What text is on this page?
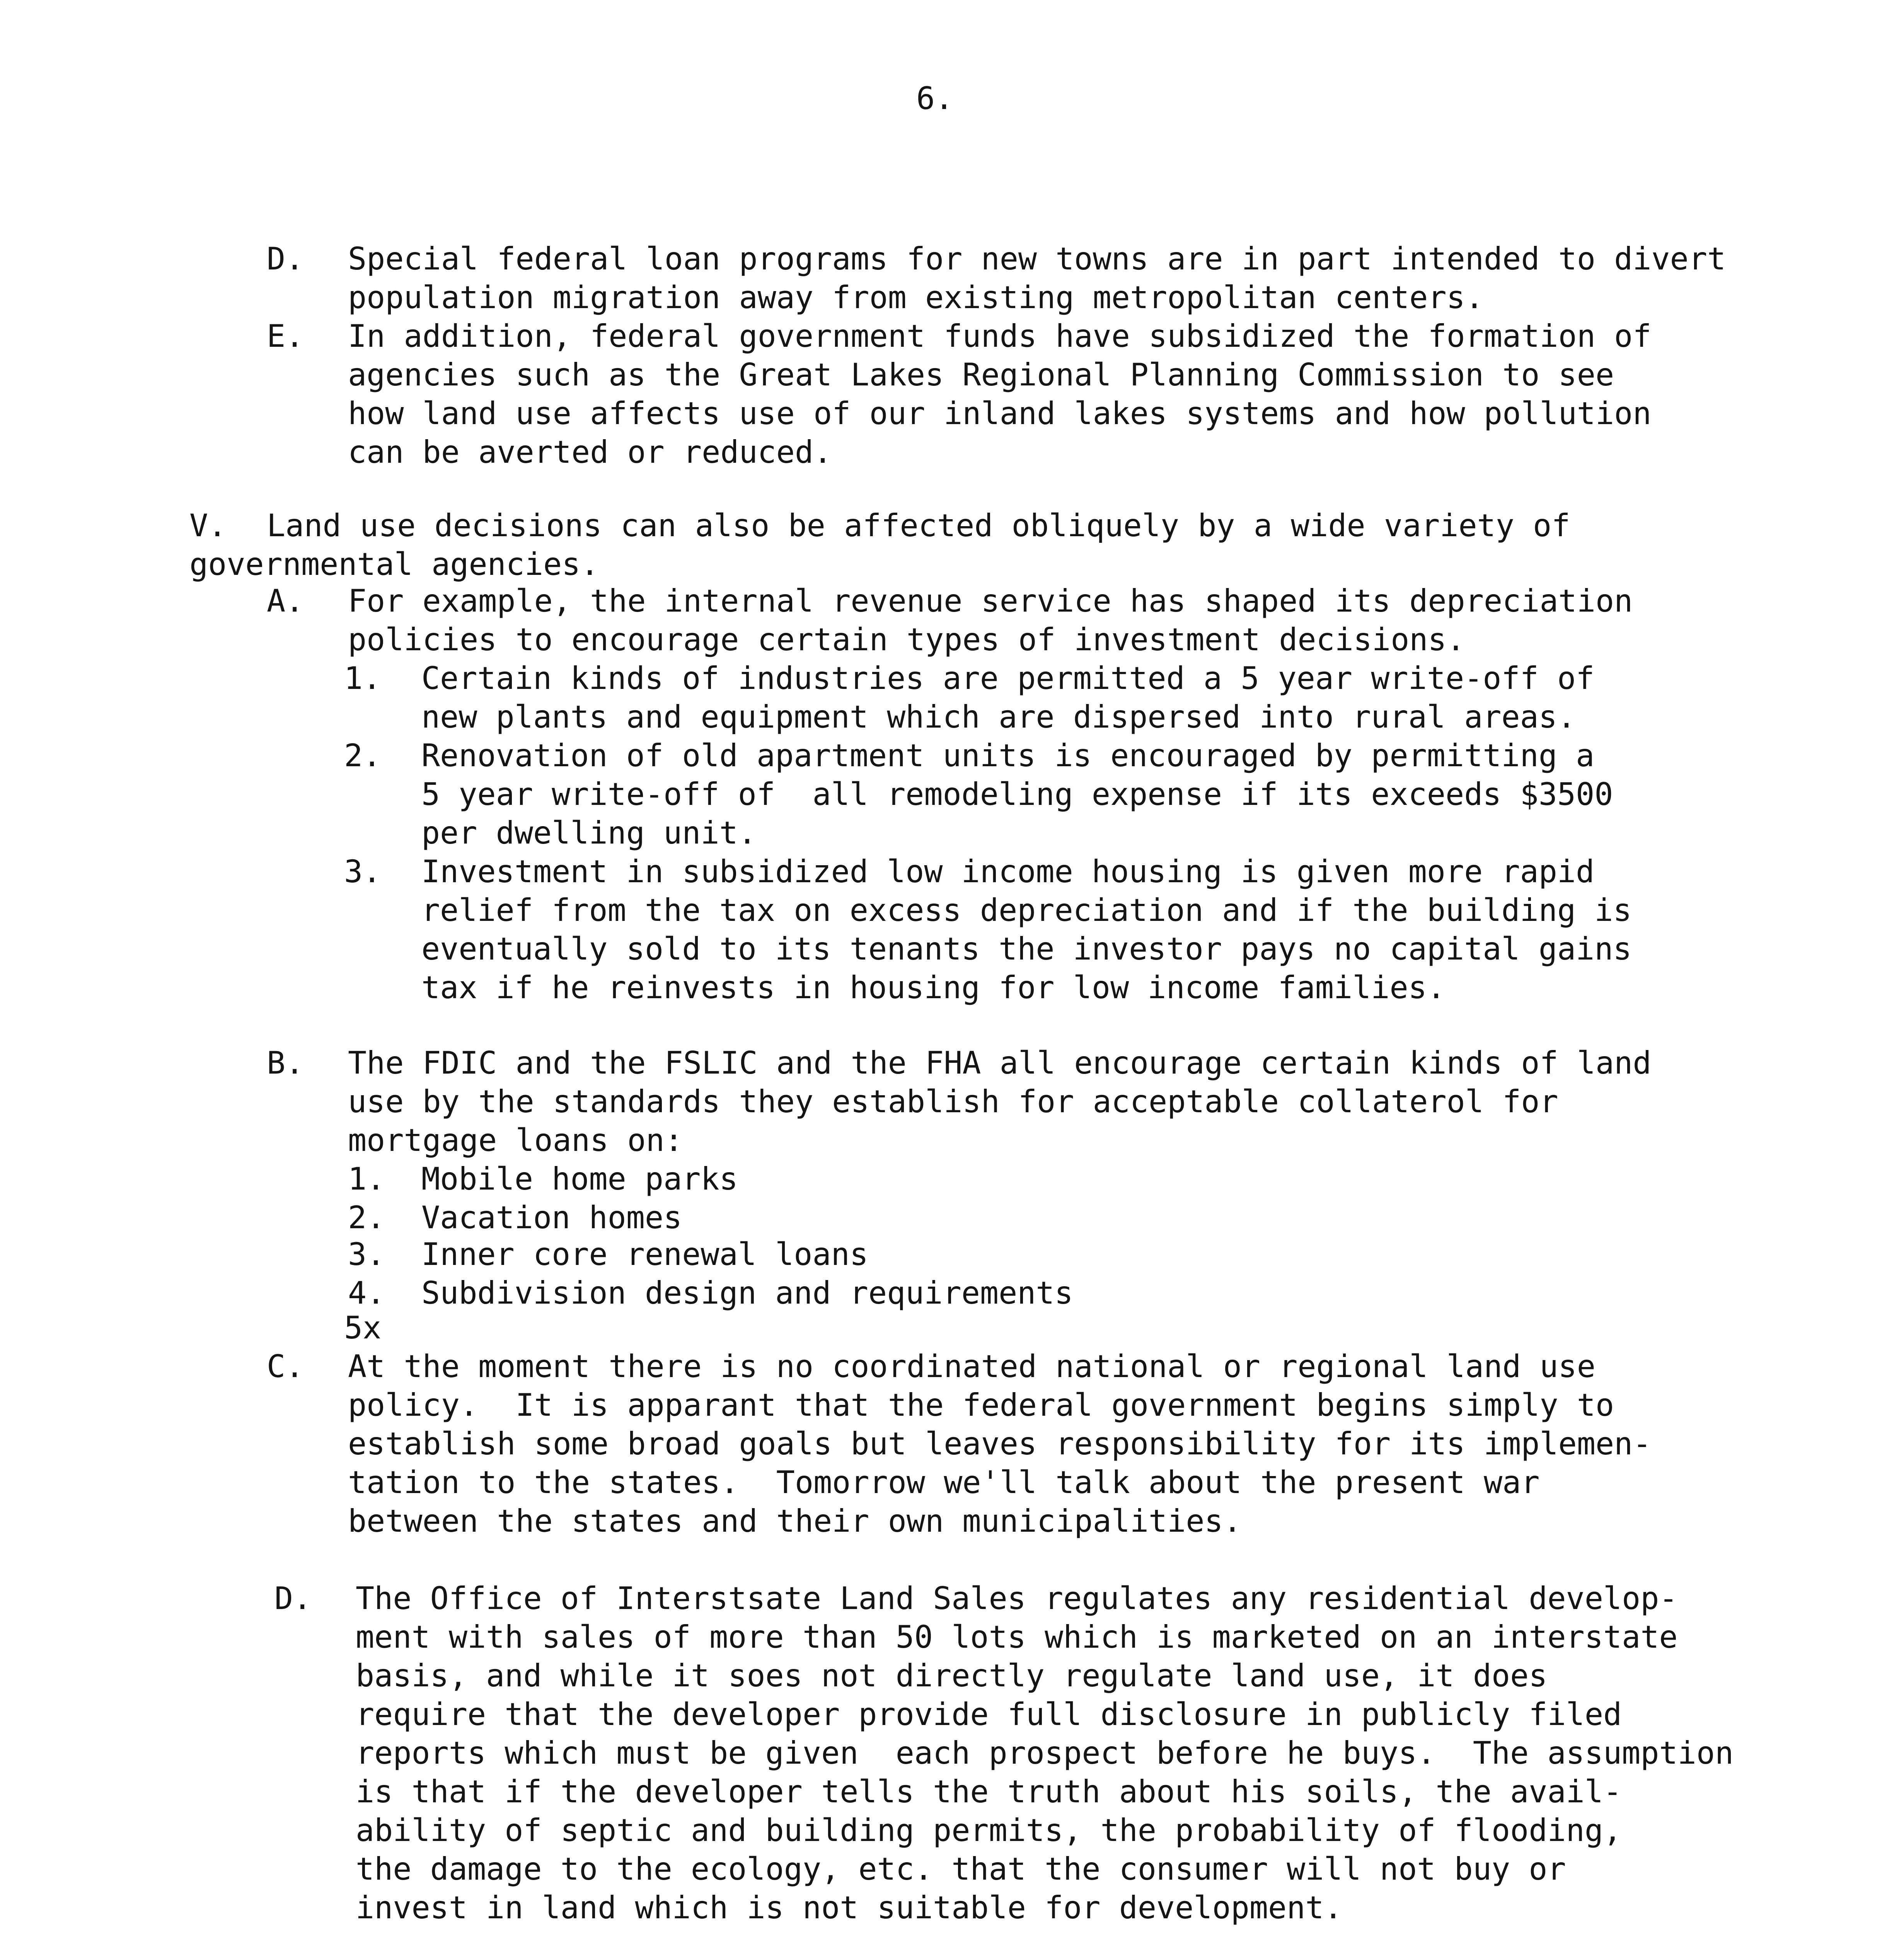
6.
D.	Special federal loan programs for new towns are in part intended to divert
population migration away from existing metropolitan centers.
E.	In addition, federal government funds have subsidized the formation of
agencies such as the Great Lakes Regional Planning Commission to see
how land use affects use of our inland lakes systems and how pollution
can be averted or reduced.
V.	Land use decisions can also be affected obliquely by a wide variety of
governmental agencies.
A.	For example, the internal revenue service has shaped its depreciation
policies to encourage certain types of investment decisions.
1.	Certain kinds of industries are permitted a 5 year write-off of
new plants and equipment which are dispersed into rural areas.
2.	Renovation of old apartment units is encouraged by permitting a
5 year write-off of  all remodeling expense if its exceeds $3500
per dwelling unit.
3.	Investment in subsidized low income housing is given more rapid
relief from the tax on excess depreciation and if the building is
eventually sold to its tenants the investor pays no capital gains
tax if he reinvests in housing for low income families.
B.	The FDIC and the FSLIC and the FHA all encourage certain kinds of land
use by the standards they establish for acceptable collaterol for
mortgage loans on:
1.	Mobile home parks
2.	Vacation homes
3.	Inner core renewal loans
4.	Subdivision design and requirements
5x
C.	At the moment there is no coordinated national or regional land use
policy.  It is apparant that the federal government begins simply to
establish some broad goals but leaves responsibility for its implemen-
tation to the states.  Tomorrow we'll talk about the present war
between the states and their own municipalities.
D.	The Office of Interstsate Land Sales regulates any residential develop-
ment with sales of more than 50 lots which is marketed on an interstate
basis, and while it soes not directly regulate land use, it does
require that the developer provide full disclosure in publicly filed
reports which must be given  each prospect before he buys.  The assumption
is that if the developer tells the truth about his soils, the avail-
ability of septic and building permits, the probability of flooding,
the damage to the ecology, etc. that the consumer will not buy or
invest in land which is not suitable for development.
